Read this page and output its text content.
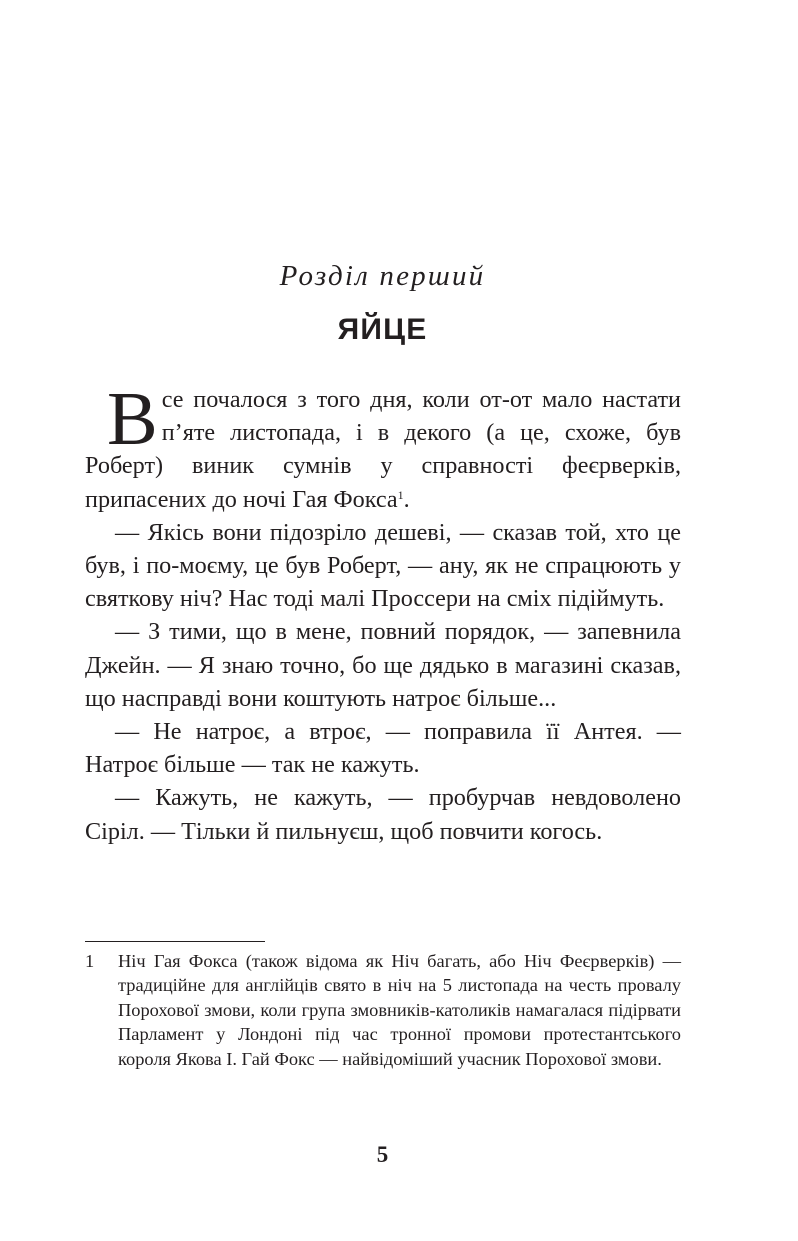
Розділ перший
ЯЙЦЕ

Все почалося з того дня, коли от-от мало настати п’яте листопада, і в декого (а це, схоже, був Роберт) виник сумнів у справності феєрверків, припасених до ночі Гая Фокса$^1$.

— Якісь вони підозріло дешеві, — сказав той, хто це був, і по-моєму, це був Роберт, — ану, як не спрацюють у святкову ніч? Нас тоді малі Проссери на сміх підіймуть.

— З тими, що в мене, повний порядок, — запевнила Джейн. — Я знаю точно, бо ще дядько в магазині сказав, що насправді вони коштують натроє більше...

— Не натроє, а втроє, — поправила її Антея. — Натроє більше — так не кажуть.

— Кажуть, не кажуть, — пробурчав невдоволено Сіріл. — Тільки й пильнуєш, щоб повчити когось.

1 Ніч Гая Фокса (також відома як Ніч багать, або Ніч Феєрверків) — традиційне для англійців свято в ніч на 5 листопада на честь провалу Порохової змови, коли група змовників-католиків намагалася підірвати Парламент у Лондоні під час тронної промови протестантського короля Якова I. Гай Фокс — найвідоміший учасник Порохової змови.
5
